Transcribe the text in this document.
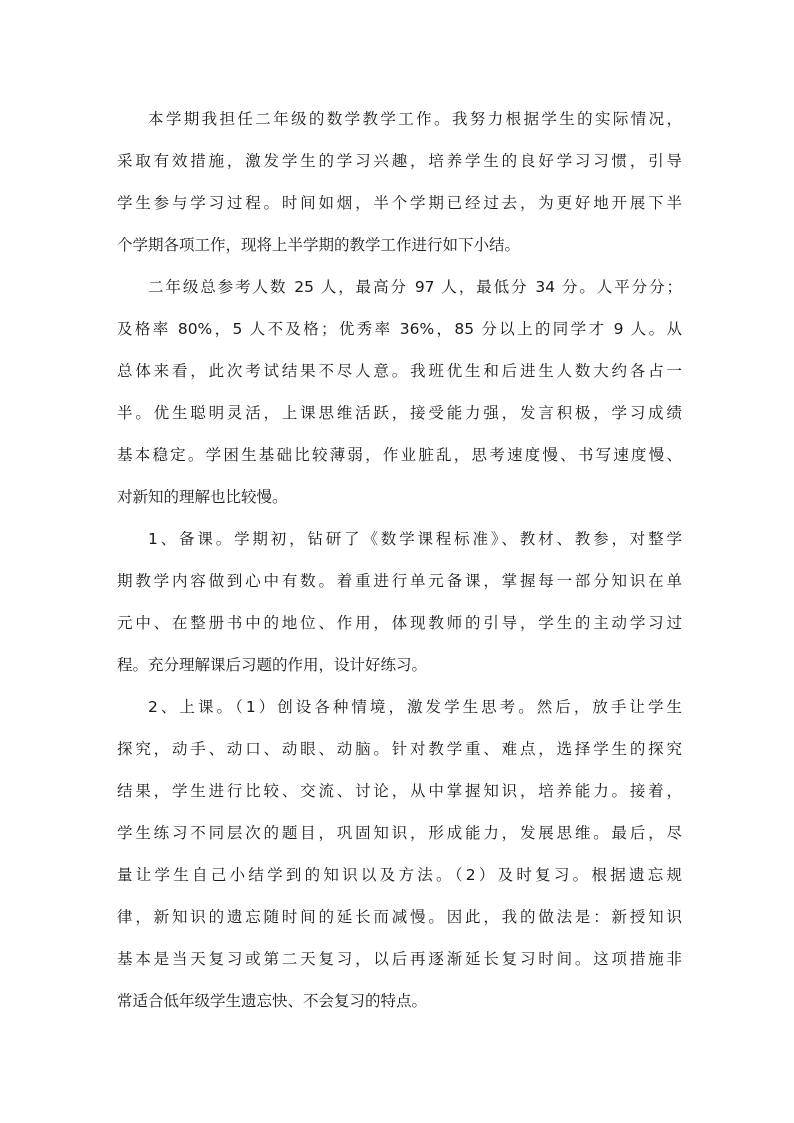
本学期我担任二年级的数学教学工作。我努力根据学生的实际情况，
采取有效措施，激发学生的学习兴趣，培养学生的良好学习习惯，引导
学生参与学习过程。时间如烟，半个学期已经过去，为更好地开展下半
个学期各项工作，现将上半学期的教学工作进行如下小结。
二年级总参考人数 25 人，最高分 97 人，最低分 34 分。人平分分；
及格率 80%，5 人不及格；优秀率 36%，85 分以上的同学才 9 人。从
总体来看，此次考试结果不尽人意。我班优生和后进生人数大约各占一
半。优生聪明灵活，上课思维活跃，接受能力强，发言积极，学习成绩
基本稳定。学困生基础比较薄弱，作业脏乱，思考速度慢、书写速度慢、
对新知的理解也比较慢。
1、备课。学期初，钻研了《数学课程标准》、教材、教参，对整学
期教学内容做到心中有数。着重进行单元备课，掌握每一部分知识在单
元中、在整册书中的地位、作用，体现教师的引导，学生的主动学习过
程。充分理解课后习题的作用，设计好练习。
2、上课。（1）创设各种情境，激发学生思考。然后，放手让学生
探究，动手、动口、动眼、动脑。针对教学重、难点，选择学生的探究
结果，学生进行比较、交流、讨论，从中掌握知识，培养能力。接着，
学生练习不同层次的题目，巩固知识，形成能力，发展思维。最后，尽
量让学生自己小结学到的知识以及方法。（2）及时复习。根据遗忘规
律，新知识的遗忘随时间的延长而减慢。因此，我的做法是：新授知识
基本是当天复习或第二天复习，以后再逐渐延长复习时间。这项措施非
常适合低年级学生遗忘快、不会复习的特点。
